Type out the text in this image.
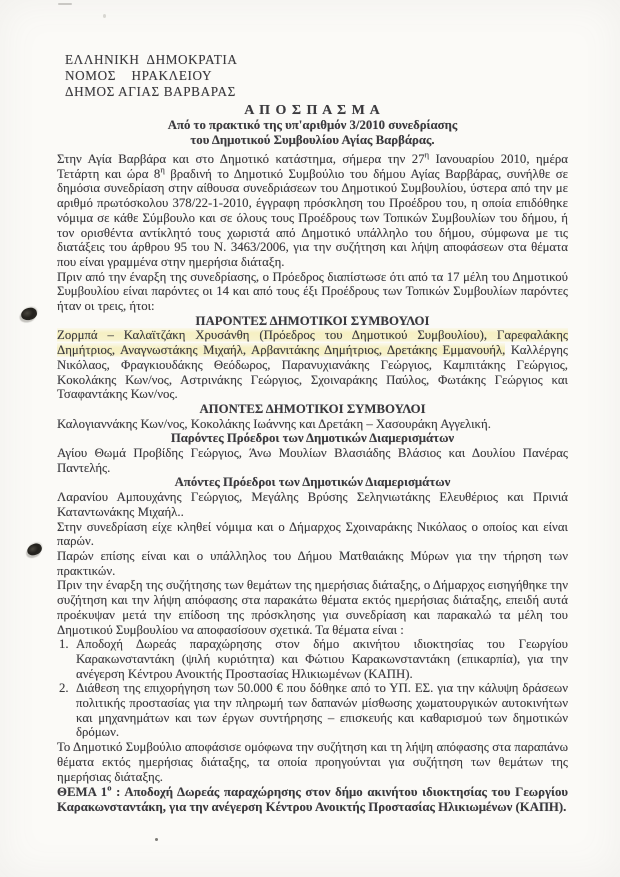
ΕΛΛΗΝΙΚΗ  ΔΗΜΟΚΡΑΤΙΑ
ΝΟΜΟΣ    ΗΡΑΚΛΕΙΟΥ
ΔΗΜΟΣ ΑΓΙΑΣ ΒΑΡΒΑΡΑΣ
Α Π Ο Σ Π Α Σ Μ Α
Από το πρακτικό της υπ'αριθμόν 3/2010 συνεδρίασης
του Δημοτικού Συμβουλίου Αγίας Βαρβάρας.

Στην Αγία Βαρβάρα και στο Δημοτικό κατάστημα, σήμερα την $27^\eta$ Ιανουαρίου 2010, ημέρα Τετάρτη και ώρα $8^\eta$ βραδινή το Δημοτικό Συμβούλιο του δήμου Αγίας Βαρβάρας, συνήλθε σε δημόσια συνεδρίαση στην αίθουσα συνεδριάσεων του Δημοτικού Συμβουλίου, ύστερα από την με αριθμό πρωτόσκολου 378/22-1-2010, έγγραφη πρόσκληση του Προέδρου του, η οποία επιδόθηκε νόμιμα σε κάθε Σύμβουλο και σε όλους τους Προέδρους των Τοπικών Συμβουλίων του δήμου, ή τον ορισθέντα αντίκλητό τους χωριστά από Δημοτικό υπάλληλο του δήμου, σύμφωνα με τις διατάξεις του άρθρου 95 του Ν. 3463/2006, για την συζήτηση και λήψη αποφάσεων στα θέματα που είναι γραμμένα στην ημερήσια διάταξη.

Πριν από την έναρξη της συνεδρίασης, ο Πρόεδρος διαπίστωσε ότι από τα 17 μέλη του Δημοτικού Συμβουλίου είναι παρόντες οι 14 και από τους έξι Προέδρους των Τοπικών Συμβουλίων παρόντες ήταν οι τρεις, ήτοι:

ΠΑΡΟΝΤΕΣ ΔΗΜΟΤΙΚΟΙ ΣΥΜΒΟΥΛΟΙ

Ζορμπά – Καλαϊτζάκη Χρυσάνθη (Πρόεδρος του Δημοτικού Συμβουλίου), Γαρεφαλάκης Δημήτριος, Αναγνωστάκης Μιχαήλ, Αρβανιτάκης Δημήτριος, Δρετάκης Εμμανουήλ, Καλλέργης Νικόλαος, Φραγκιουδάκης Θεόδωρος, Παρανυχιανάκης Γεώργιος, Καμπιτάκης Γεώργιος, Κοκολάκης Κων/νος, Αστρινάκης Γεώργιος, Σχοιναράκης Παύλος, Φωτάκης Γεώργιος και Τσαφαντάκης Κων/νος.

ΑΠΟΝΤΕΣ ΔΗΜΟΤΙΚΟΙ ΣΥΜΒΟΥΛΟΙ

Καλογιαννάκης Κων/νος, Κοκολάκης Ιωάννης και Δρετάκη – Χασουράκη Αγγελική.

Παρόντες Πρόεδροι των Δημοτικών Διαμερισμάτων

Αγίου Θωμά Προβίδης Γεώργιος, Άνω Μουλίων Βλασιάδης Βλάσιος και Δουλίου Πανέρας Παντελής.

Απόντες Πρόεδροι των Δημοτικών Διαμερισμάτων

Λαρανίου Αμπουχάνης Γεώργιος, Μεγάλης Βρύσης Σεληνιωτάκης Ελευθέριος και Πρινιά Καταντωνάκης Μιχαήλ..

Στην συνεδρίαση είχε κληθεί νόμιμα και ο Δήμαρχος Σχοιναράκης Νικόλαος ο οποίος και είναι παρών.

Παρών επίσης είναι και ο υπάλληλος του Δήμου Ματθαιάκης Μύρων για την τήρηση των πρακτικών.

Πριν την έναρξη της συζήτησης των θεμάτων της ημερήσιας διάταξης, ο Δήμαρχος εισηγήθηκε την συζήτηση και την λήψη απόφασης στα παρακάτω θέματα εκτός ημερήσιας διάταξης, επειδή αυτά προέκυψαν μετά την επίδοση της πρόσκλησης για συνεδρίαση και παρακαλώ τα μέλη του Δημοτικού Συμβουλίου να αποφασίσουν σχετικά. Τα θέματα είναι :

1. Αποδοχή Δωρεάς παραχώρησης στον δήμο ακινήτου ιδιοκτησίας του Γεωργίου Καρακωνσταντάκη (ψιλή κυριότητα) και Φώτιου Καρακωνσταντάκη (επικαρπία), για την ανέγερση Κέντρου Ανοικτής Προστασίας Ηλικιωμένων (ΚΑΠΗ).
2. Διάθεση της επιχορήγηση των 50.000 € που δόθηκε από το ΥΠ. ΕΣ. για την κάλυψη δράσεων πολιτικής προστασίας για την πληρωμή των δαπανών μίσθωσης χωματουργικών αυτοκινήτων και μηχανημάτων και των έργων συντήρησης – επισκευής και καθαρισμού των δημοτικών δρόμων.

Το Δημοτικό Συμβούλιο αποφάσισε ομόφωνα την συζήτηση και τη λήψη απόφασης στα παραπάνω θέματα εκτός ημερήσιας διάταξης, τα οποία προηγούνται για συζήτηση των θεμάτων της ημερήσιας διάταξης.

ΘΕΜΑ $1^o$ : Αποδοχή Δωρεάς παραχώρησης στον δήμο ακινήτου ιδιοκτησίας του Γεωργίου Καρακωνσταντάκη, για την ανέγερση Κέντρου Ανοικτής Προστασίας Ηλικιωμένων (ΚΑΠΗ).
